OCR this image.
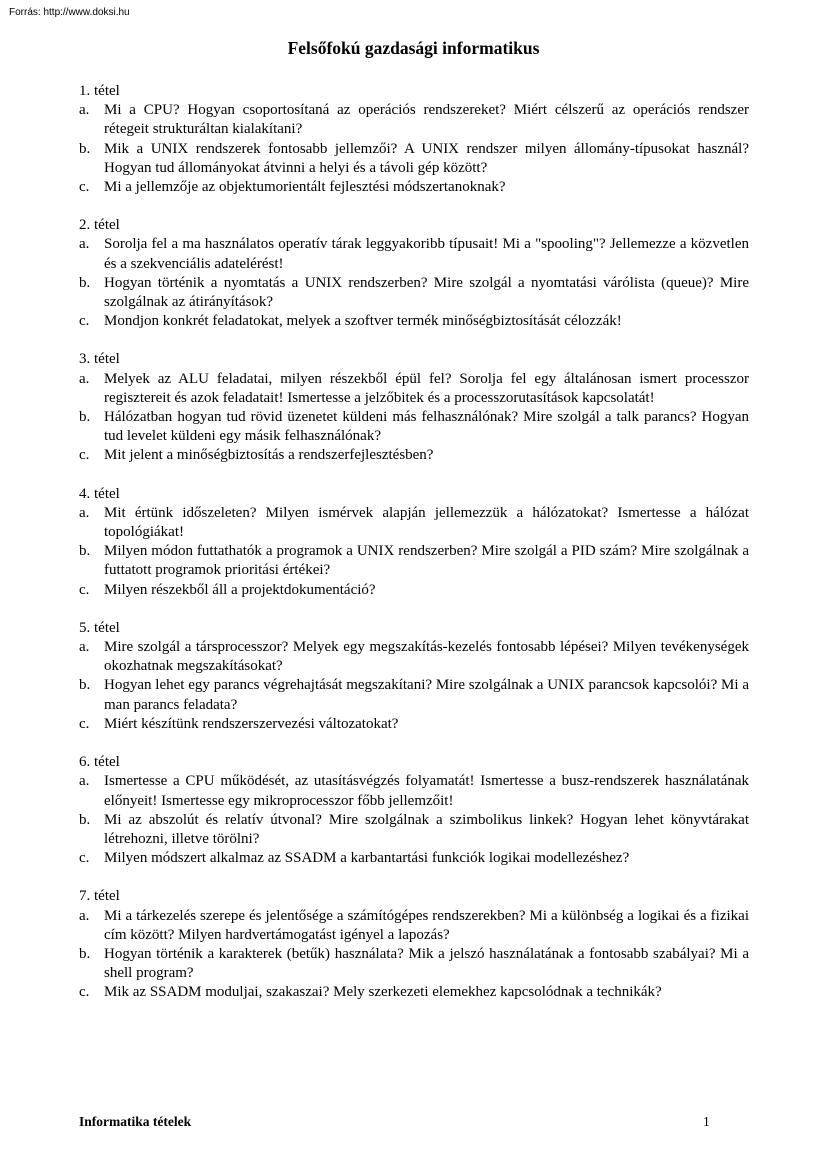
Forrás: http://www.doksi.hu
Felsőfokú gazdasági informatikus
1. tétel
a. Mi a CPU? Hogyan csoportosítaná az operációs rendszereket? Miért célszerű az operációs rendszer rétegeit strukturáltan kialakítani?
b. Mik a UNIX rendszerek fontosabb jellemzői? A UNIX rendszer milyen állomány-típusokat használ? Hogyan tud állományokat átvinni a helyi és a távoli gép között?
c. Mi a jellemzője az objektumorientált fejlesztési módszertanoknak?
2. tétel
a. Sorolja fel a ma használatos operatív tárak leggyakoribb típusait! Mi a "spooling"? Jellemezze a közvetlen és a szekvenciális adatelérést!
b. Hogyan történik a nyomtatás a UNIX rendszerben? Mire szolgál a nyomtatási várólista (queue)? Mire szolgálnak az átirányítások?
c. Mondjon konkrét feladatokat, melyek a szoftver termék minőségbiztosítását célozzák!
3. tétel
a. Melyek az ALU feladatai, milyen részekből épül fel? Sorolja fel egy általánosan ismert processzor regisztereit és azok feladatait! Ismertesse a jelzőbitek és a processzorutasítások kapcsolatát!
b. Hálózatban hogyan tud rövid üzenetet küldeni más felhasználónak? Mire szolgál a talk parancs? Hogyan tud levelet küldeni egy másik felhasználónak?
c. Mit jelent a minőségbiztosítás a rendszerfejlesztésben?
4. tétel
a. Mit értünk időszeleten? Milyen ismérvek alapján jellemezzük a hálózatokat? Ismertesse a hálózat topológiákat!
b. Milyen módon futtathatók a programok a UNIX rendszerben? Mire szolgál a PID szám? Mire szolgálnak a futtatott programok prioritási értékei?
c. Milyen részekből áll a projektdokumentáció?
5. tétel
a. Mire szolgál a társprocesszor? Melyek egy megszakítás-kezelés fontosabb lépései? Milyen tevékenységek okozhatnak megszakításokat?
b. Hogyan lehet egy parancs végrehajtását megszakítani? Mire szolgálnak a UNIX parancsok kapcsolói? Mi a man parancs feladata?
c. Miért készítünk rendszerszervezési változatokat?
6. tétel
a. Ismertesse a CPU működését, az utasításvégzés folyamatát! Ismertesse a busz-rendszerek használatának előnyeit! Ismertesse egy mikroprocesszor főbb jellemzőit!
b. Mi az abszolút és relatív útvonal? Mire szolgálnak a szimbolikus linkek? Hogyan lehet könyvtárakat létrehozni, illetve törölni?
c. Milyen módszert alkalmaz az SSADM a karbantartási funkciók logikai modellezéshez?
7. tétel
a. Mi a tárkezelés szerepe és jelentősége a számítógépes rendszerekben? Mi a különbség a logikai és a fizikai cím között? Milyen hardvertámogatást igényel a lapozás?
b. Hogyan történik a karakterek (betűk) használata? Mik a jelszó használatának a fontosabb szabályai? Mi a shell program?
c. Mik az SSADM moduljai, szakaszai? Mely szerkezeti elemekhez kapcsolódnak a technikák?
Informatika tételek	1
